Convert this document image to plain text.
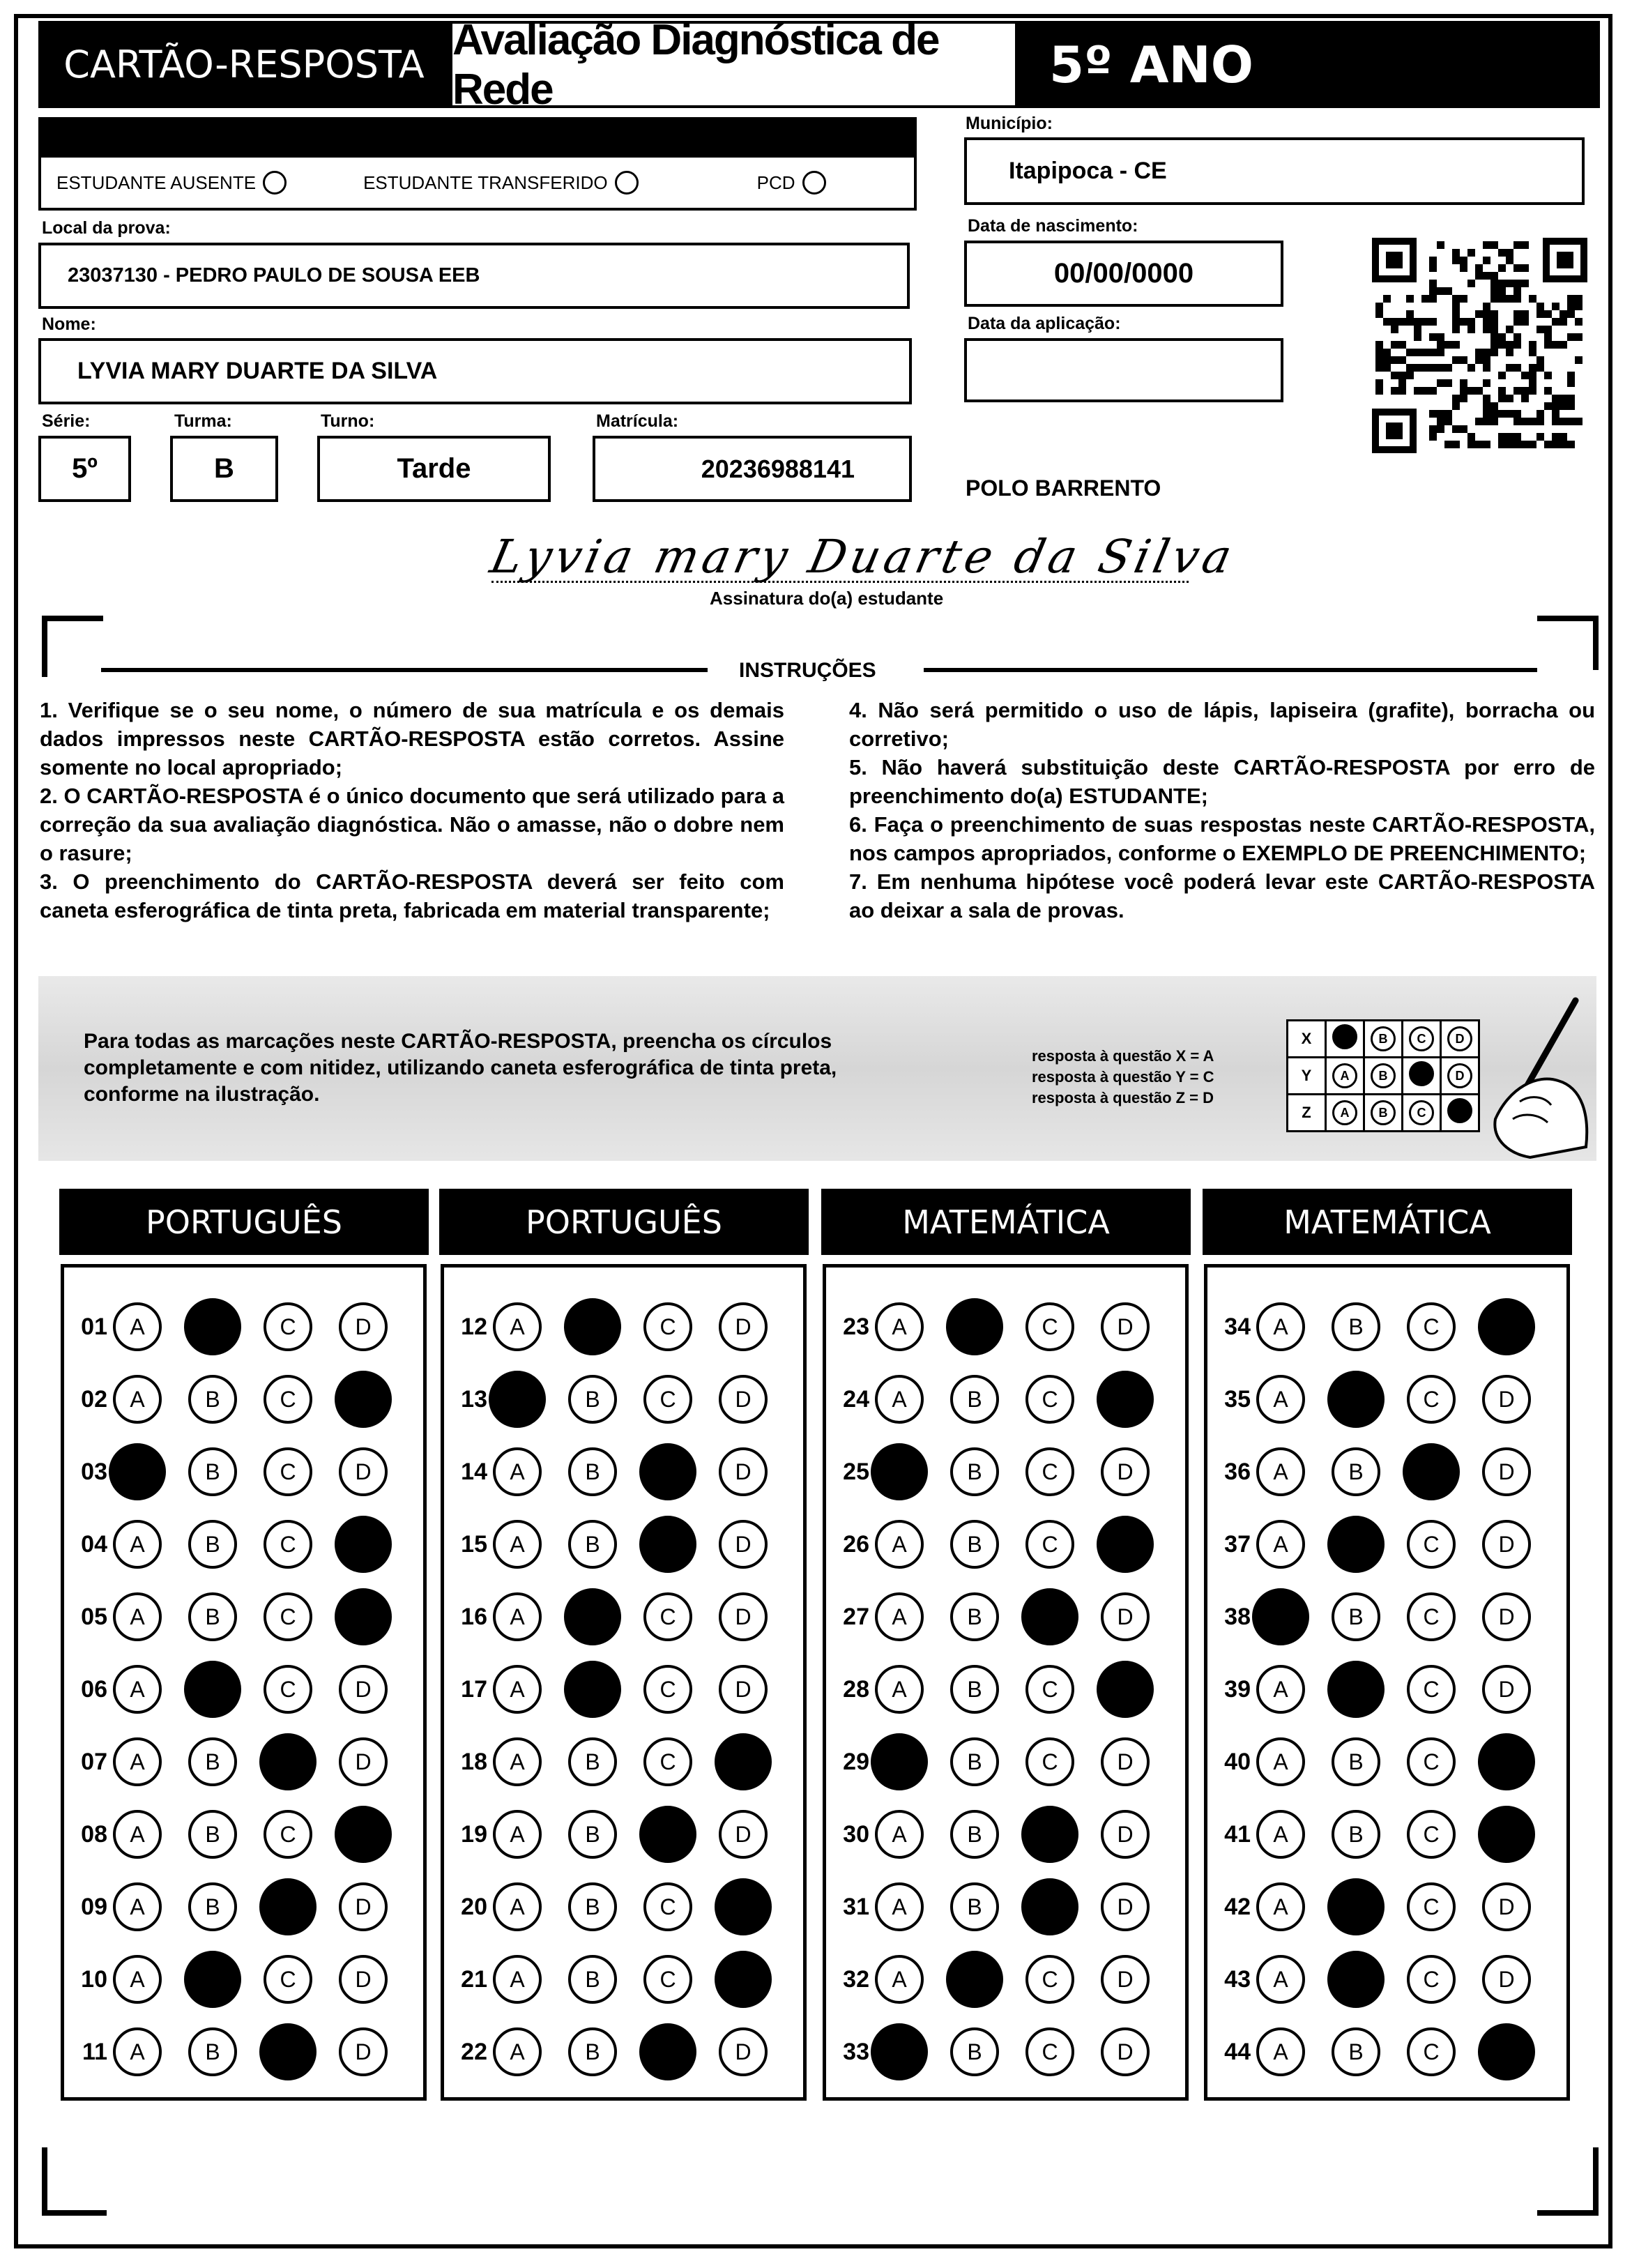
CARTÃO-RESPOSTA
Avaliação Diagnóstica de Rede	5º ANO
ESTUDANTE AUSENTE	ESTUDANTE TRANSFERIDO	PCD
Município:
Itapipoca - CE
Local da prova:
23037130 - PEDRO PAULO DE SOUSA EEB
Data de nascimento:
00/00/0000
Data da aplicação:
Nome:
LYVIA MARY DUARTE DA SILVA
Série:
5º
Turma:
B
Turno:
Tarde
Matrícula:
20236988141
POLO BARRENTO
Lyvia mary Duarte da Silva
Assinatura do(a) estudante
INSTRUÇÕES

1. Verifique se o seu nome, o número de sua matrícula e os demais dados impressos neste CARTÃO-RESPOSTA estão corretos. Assine somente no local apropriado;

2. O CARTÃO-RESPOSTA é o único documento que será utilizado para a correção da sua avaliação diagnóstica. Não o amasse, não o dobre nem o rasure;

3. O preenchimento do CARTÃO-RESPOSTA deverá ser feito com caneta esferográfica de tinta preta, fabricada em material transparente;

4. Não será permitido o uso de lápis, lapiseira (grafite), borracha ou corretivo;

5. Não haverá substituição deste CARTÃO-RESPOSTA por erro de preenchimento do(a) ESTUDANTE;

6. Faça o preenchimento de suas respostas neste CARTÃO-RESPOSTA, nos campos apropriados, conforme o EXEMPLO DE PREENCHIMENTO;

7. Em nenhuma hipótese você poderá levar este CARTÃO-RESPOSTA ao deixar a sala de provas.

Para todas as marcações neste CARTÃO-RESPOSTA, preencha os círculos completamente e com nitidez, utilizando caneta esferográfica de tinta preta, conforme na ilustração.
resposta à questão X = A
resposta à questão Y = C
resposta à questão Z = D
X		B	C	D
Y	A	B		D
Z	A	B	C	
PORTUGUÊS
01 A	C	D
02 A	B	C
03	B	C	D
04 A	B	C
05 A	B	C
06 A	C	D
07 A	B	D
08 A	B	C
09 A	B	D
10 A	C	D
11 A	B	D
PORTUGUÊS
12 A	C	D
13	B	C	D
14 A	B	D
15 A	B	D
16 A	C	D
17 A	C	D
18 A	B	C
19 A	B	D
20 A	B	C
21 A	B	C
22 A	B	D
MATEMÁTICA
23 A	C	D
24 A	B	C
25	B	C	D
26 A	B	C
27 A	B	D
28 A	B	C
29	B	C	D
30 A	B	D
31 A	B	D
32 A	C	D
33	B	C	D
MATEMÁTICA
34 A	B	C
35 A	C	D
36 A	B	D
37 A	C	D
38	B	C	D
39 A	C	D
40 A	B	C
41 A	B	C
42 A	C	D
43 A	C	D
44 A	B	C
